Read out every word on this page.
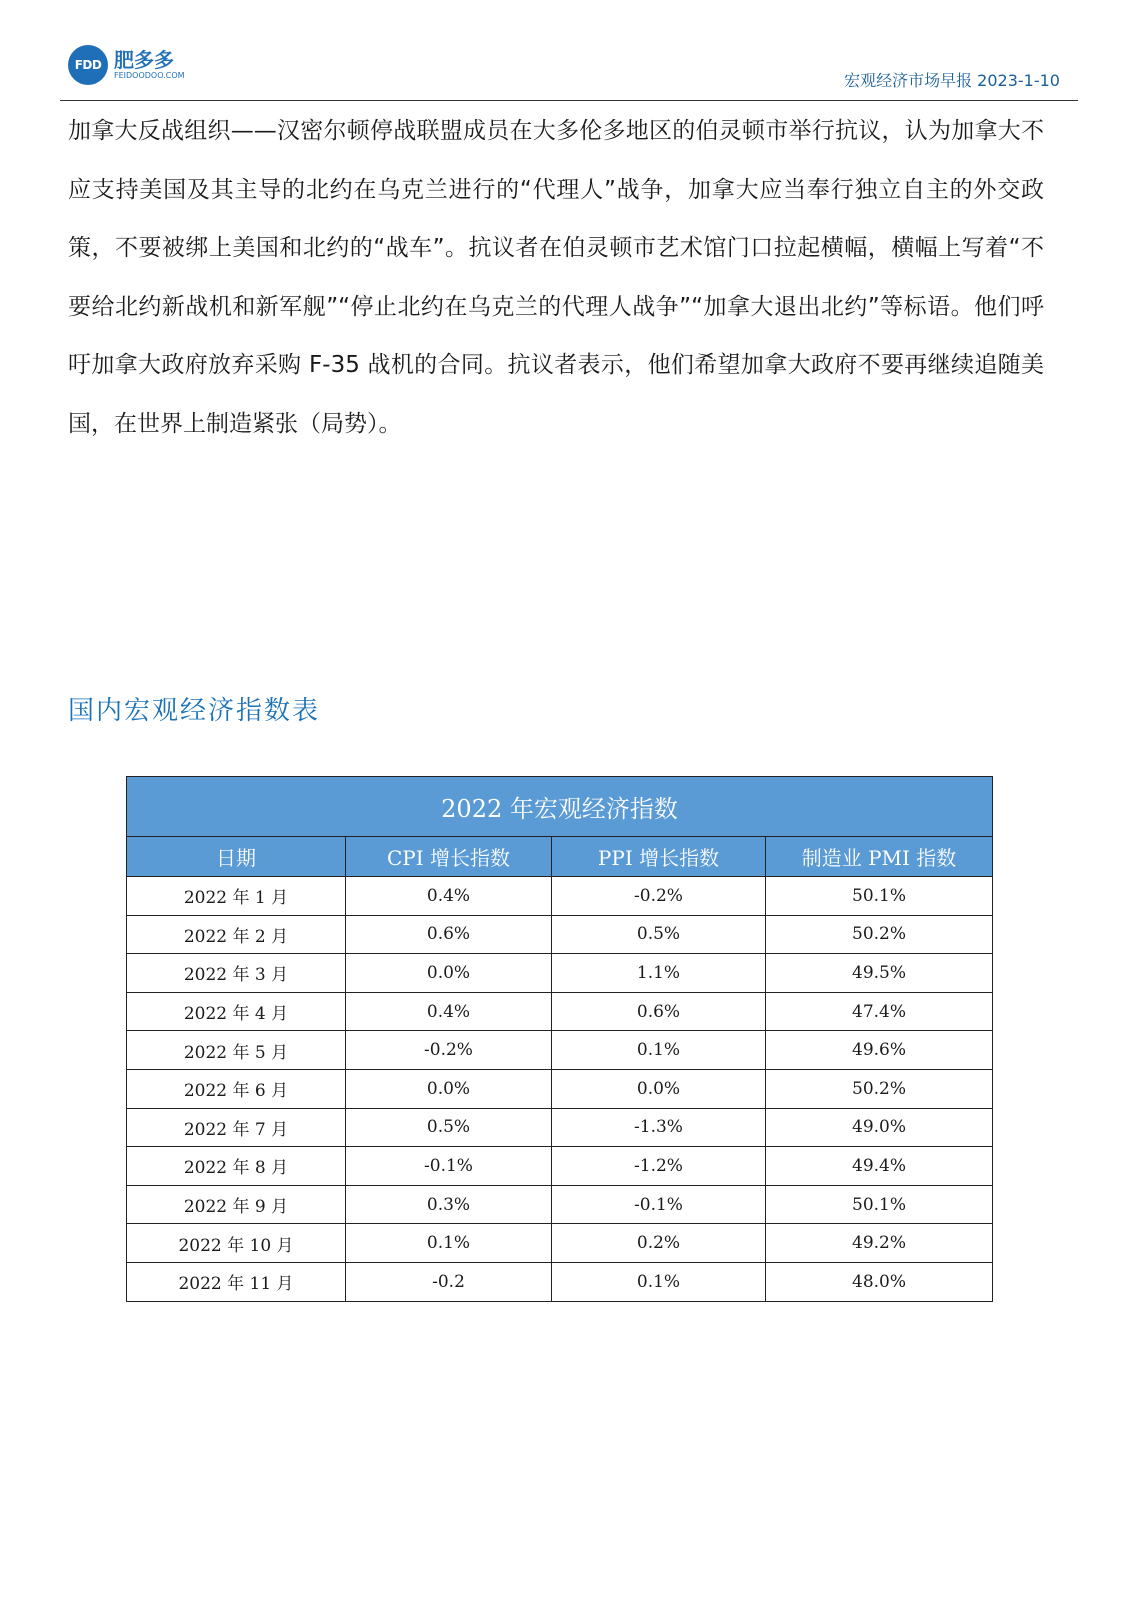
FDD 肥多多
FEIDOODOO.COM	宏观经济市场早报 2023-1-10
加拿大反战组织——汉密尔顿停战联盟成员在大多伦多地区的伯灵顿市举行抗议，认为加拿大不应支持美国及其主导的北约在乌克兰进行的“代理人”战争，加拿大应当奉行独立自主的外交政策，不要被绑上美国和北约的“战车”。抗议者在伯灵顿市艺术馆门口拉起横幅，横幅上写着“不要给北约新战机和新军舰”“停止北约在乌克兰的代理人战争”“加拿大退出北约”等标语。他们呼吁加拿大政府放弃采购 F-35 战机的合同。抗议者表示，他们希望加拿大政府不要再继续追随美国，在世界上制造紧张（局势）。
国内宏观经济指数表
2022 年宏观经济指数			
日期	CPI 增长指数	PPI 增长指数	制造业 PMI 指数
2022 年 1 月	0.4%	-0.2%	50.1%
2022 年 2 月	0.6%	0.5%	50.2%
2022 年 3 月	0.0%	1.1%	49.5%
2022 年 4 月	0.4%	0.6%	47.4%
2022 年 5 月	-0.2%	0.1%	49.6%
2022 年 6 月	0.0%	0.0%	50.2%
2022 年 7 月	0.5%	-1.3%	49.0%
2022 年 8 月	-0.1%	-1.2%	49.4%
2022 年 9 月	0.3%	-0.1%	50.1%
2022 年 10 月	0.1%	0.2%	49.2%
2022 年 11 月	-0.2	0.1%	48.0%
